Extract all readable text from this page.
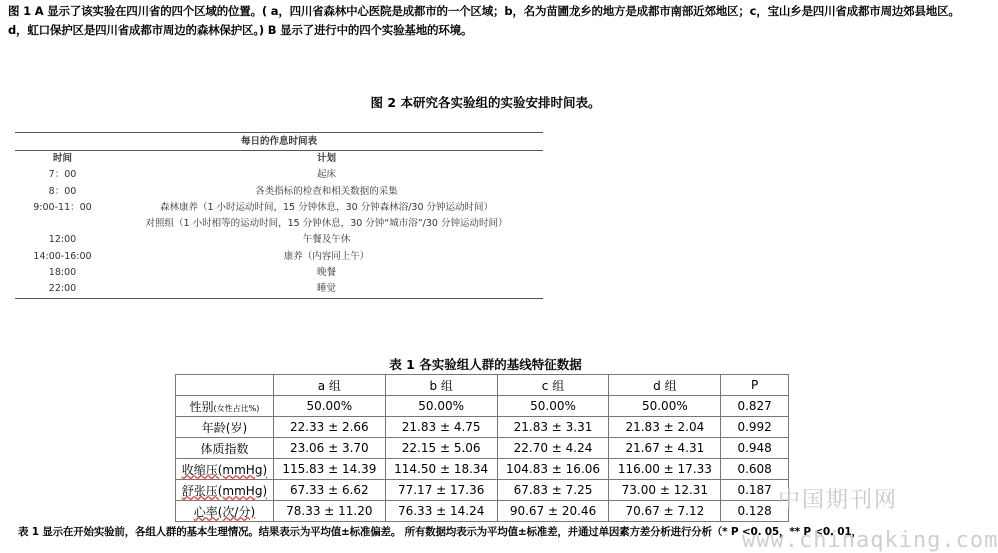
图 1 A 显示了该实验在四川省的四个区域的位置。( a，四川省森林中心医院是成都市的一个区域；b，名为苗圃龙乡的地方是成都市南部近郊地区；c，宝山乡是四川省成都市周边郊县地区。d，虹口保护区是四川省成都市周边的森林保护区。) B 显示了进行中的四个实验基地的环境。
图 2 本研究各实验组的实验安排时间表。
每日的作息时间表
时间	计划
7：00	起床
8：00	各类指标的检查和相关数据的采集
9:00-11：00	森林康养（1 小时运动时间，15 分钟休息，30 分钟森林浴/30 分钟运动时间）
对照组（1 小时相等的运动时间，15 分钟休息，30 分钟“城市浴”/30 分钟运动时间）
12:00	午餐及午休
14:00-16:00	康养（内容同上午）
18:00	晚餐
22:00	睡觉
表 1 各实验组人群的基线特征数据
	a 组	b 组	c 组	d 组	P
性别(女性占比%)	50.00%	50.00%	50.00%	50.00%	0.827
年龄(岁)	22.33 ± 2.66	21.83 ± 4.75	21.83 ± 3.31	21.83 ± 2.04	0.992
体质指数	23.06 ± 3.70	22.15 ± 5.06	22.70 ± 4.24	21.67 ± 4.31	0.948
收缩压(mmHg)	115.83 ± 14.39	114.50 ± 18.34	104.83 ± 16.06	116.00 ± 17.33	0.608
舒张压(mmHg)	67.33 ± 6.62	77.17 ± 17.36	67.83 ± 7.25	73.00 ± 12.31	0.187
心率(次/分)	78.33 ± 11.20	76.33 ± 14.24	90.67 ± 20.46	70.67 ± 7.12	0.128
表 1 显示在开始实验前，各组人群的基本生理情况。结果表示为平均值±标准偏差。 所有数据均表示为平均值±标准差，并通过单因素方差分析进行分析（* P <0. 05，** P <0. 01，
中国期刊网
www.chinaqking.com
